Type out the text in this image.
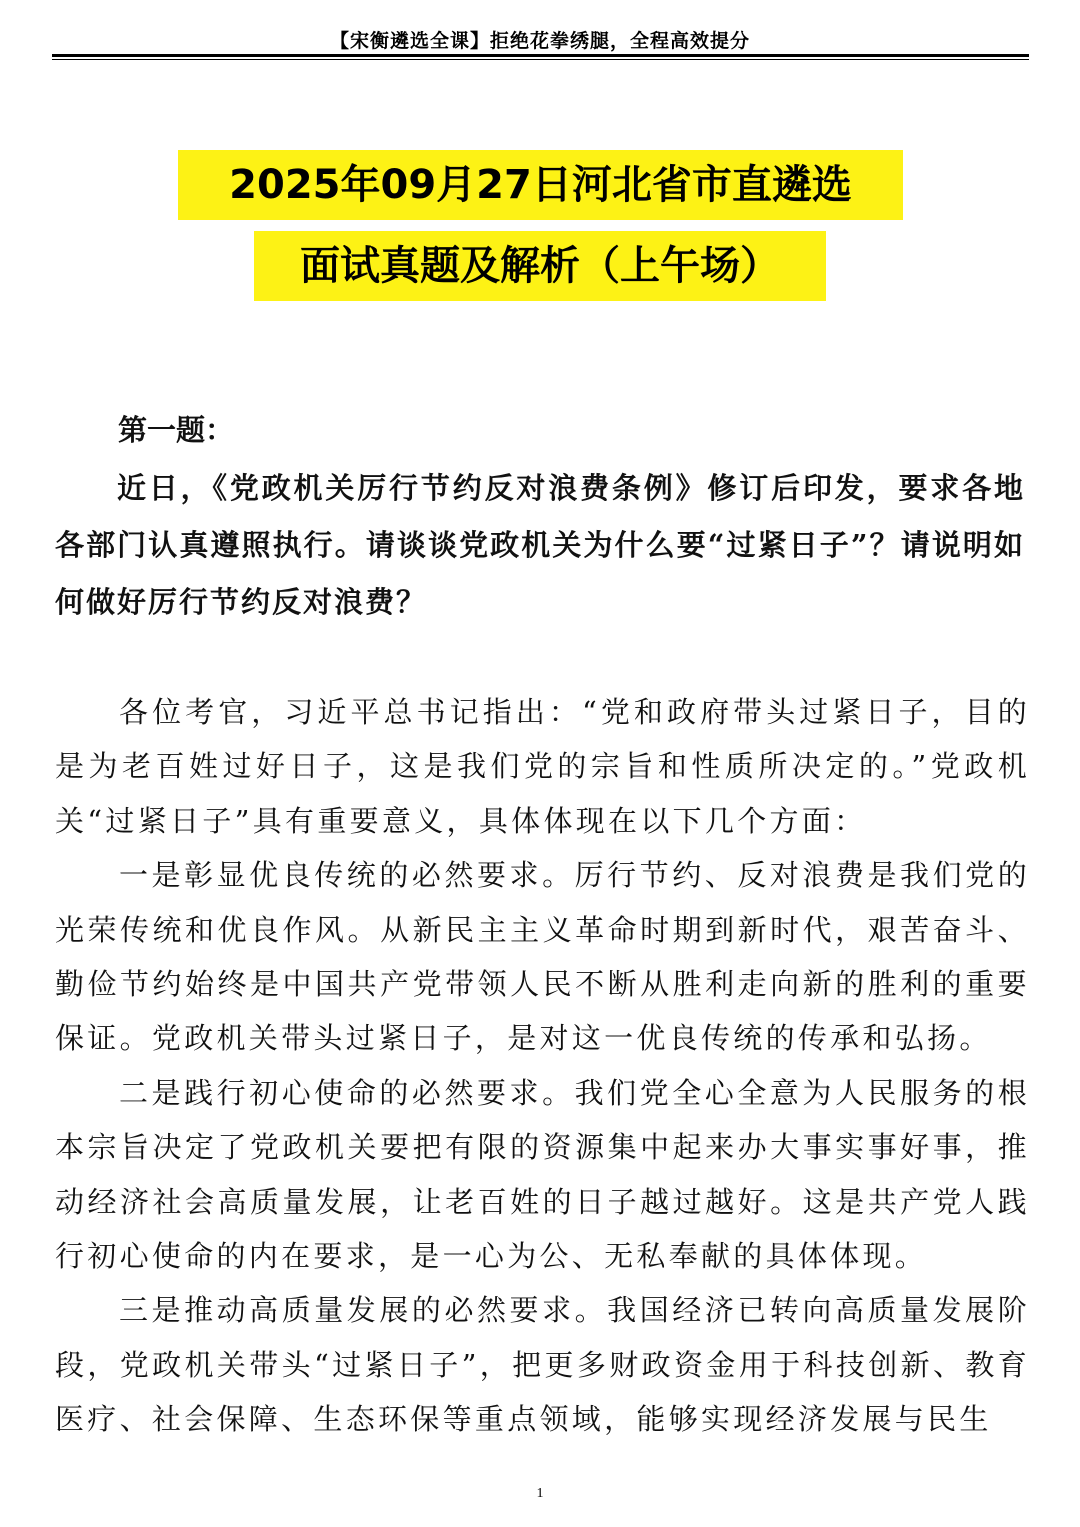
【宋衡遴选全课】拒绝花拳绣腿，全程高效提分
2025年09月27日河北省市直遴选
面试真题及解析（上午场）
第一题：
近日，《党政机关厉行节约反对浪费条例》修订后印发，要求各地各部门认真遵照执行。请谈谈党政机关为什么要“过紧日子”？请说明如何做好厉行节约反对浪费？

各位考官，习近平总书记指出：“党和政府带头过紧日子，目的是为老百姓过好日子，这是我们党的宗旨和性质所决定的。”党政机关“过紧日子”具有重要意义，具体体现在以下几个方面：

一是彰显优良传统的必然要求。厉行节约、反对浪费是我们党的光荣传统和优良作风。从新民主主义革命时期到新时代，艰苦奋斗、勤俭节约始终是中国共产党带领人民不断从胜利走向新的胜利的重要保证。党政机关带头过紧日子，是对这一优良传统的传承和弘扬。

二是践行初心使命的必然要求。我们党全心全意为人民服务的根本宗旨决定了党政机关要把有限的资源集中起来办大事实事好事，推动经济社会高质量发展，让老百姓的日子越过越好。这是共产党人践行初心使命的内在要求，是一心为公、无私奉献的具体体现。

三是推动高质量发展的必然要求。我国经济已转向高质量发展阶段，党政机关带头“过紧日子”，把更多财政资金用于科技创新、教育医疗、社会保障、生态环保等重点领域，能够实现经济发展与民生

1
